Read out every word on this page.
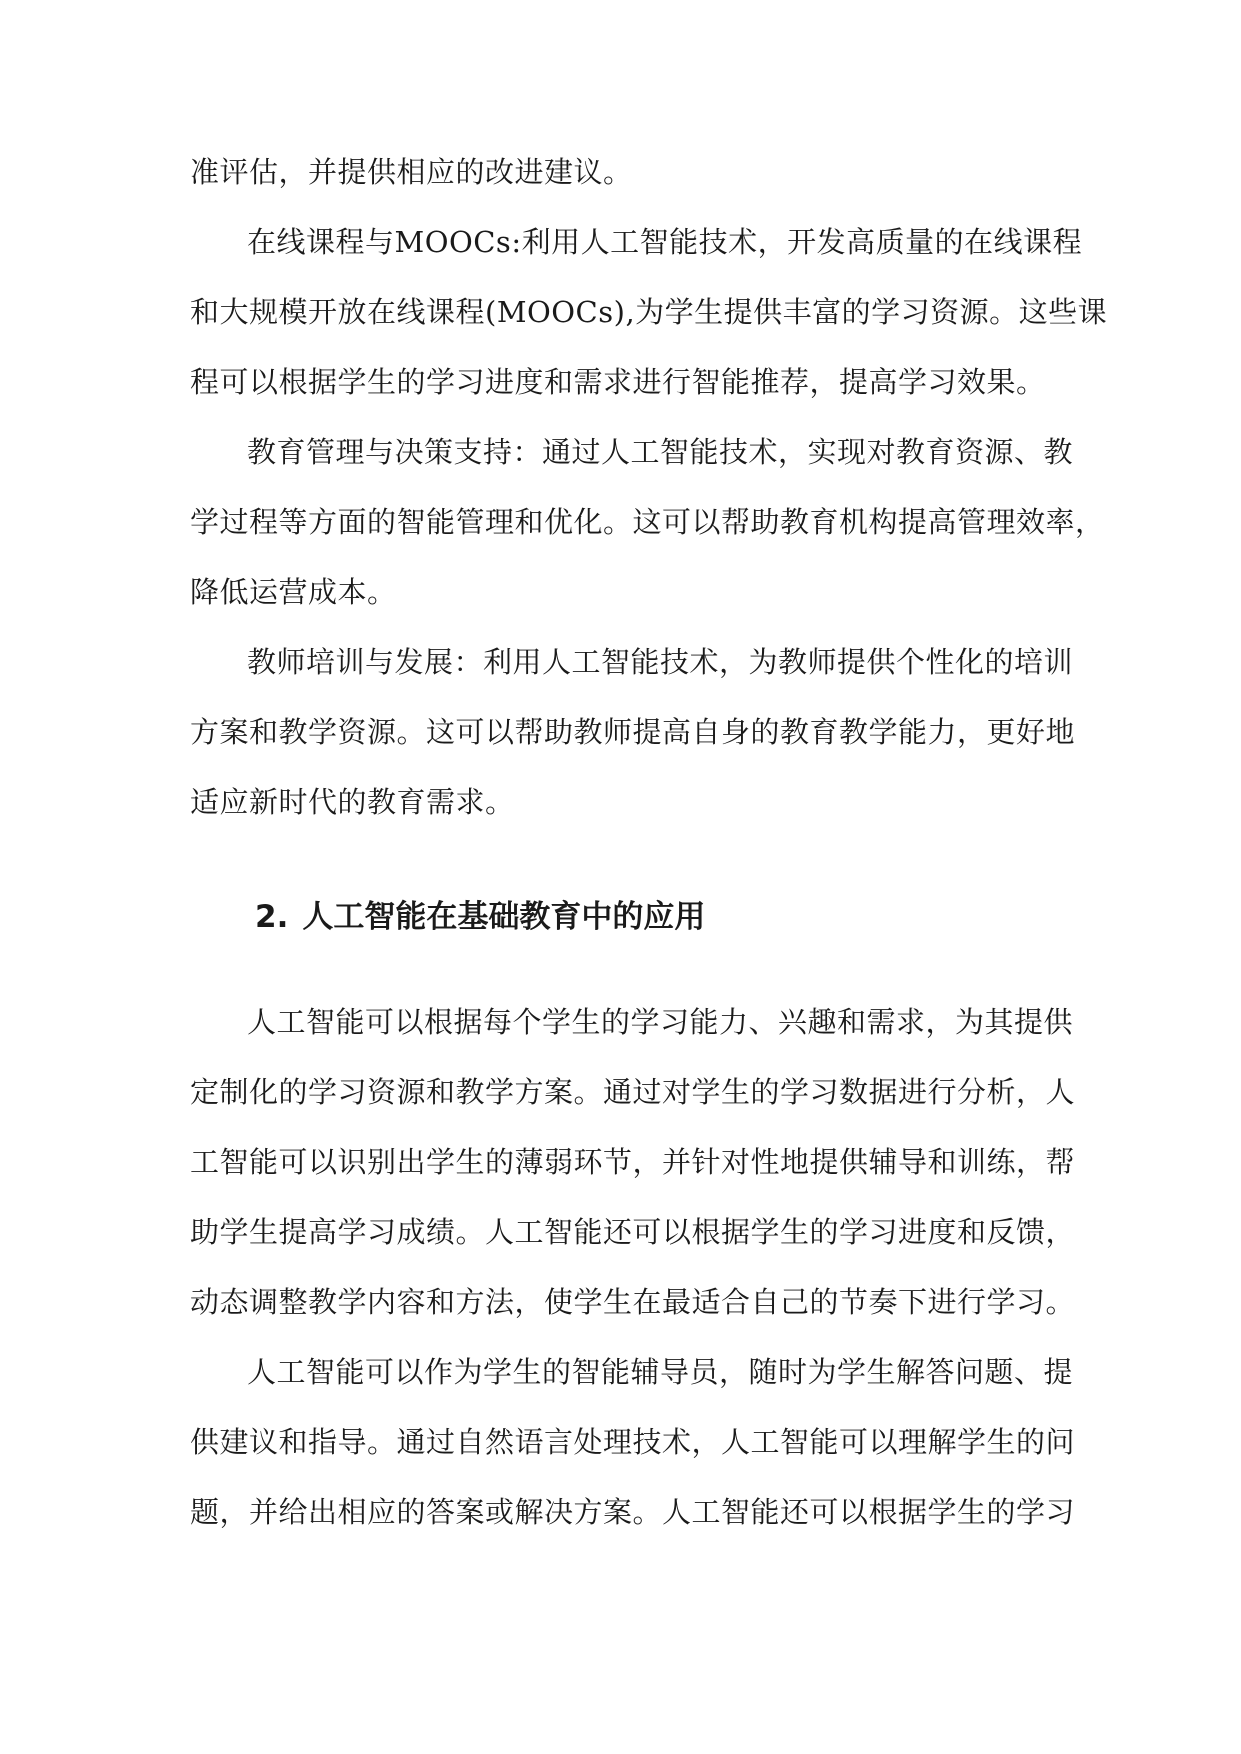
准评估，并提供相应的改进建议。
在线课程与MOOCs:利用人工智能技术，开发高质量的在线课程
和大规模开放在线课程(MOOCs),为学生提供丰富的学习资源。这些课
程可以根据学生的学习进度和需求进行智能推荐，提高学习效果。
教育管理与决策支持：通过人工智能技术，实现对教育资源、教
学过程等方面的智能管理和优化。这可以帮助教育机构提高管理效率，
降低运营成本。
教师培训与发展：利用人工智能技术，为教师提供个性化的培训
方案和教学资源。这可以帮助教师提高自身的教育教学能力，更好地
适应新时代的教育需求。
2. 人工智能在基础教育中的应用
人工智能可以根据每个学生的学习能力、兴趣和需求，为其提供
定制化的学习资源和教学方案。通过对学生的学习数据进行分析，人
工智能可以识别出学生的薄弱环节，并针对性地提供辅导和训练，帮
助学生提高学习成绩。人工智能还可以根据学生的学习进度和反馈，
动态调整教学内容和方法，使学生在最适合自己的节奏下进行学习。
人工智能可以作为学生的智能辅导员，随时为学生解答问题、提
供建议和指导。通过自然语言处理技术，人工智能可以理解学生的问
题，并给出相应的答案或解决方案。人工智能还可以根据学生的学习
